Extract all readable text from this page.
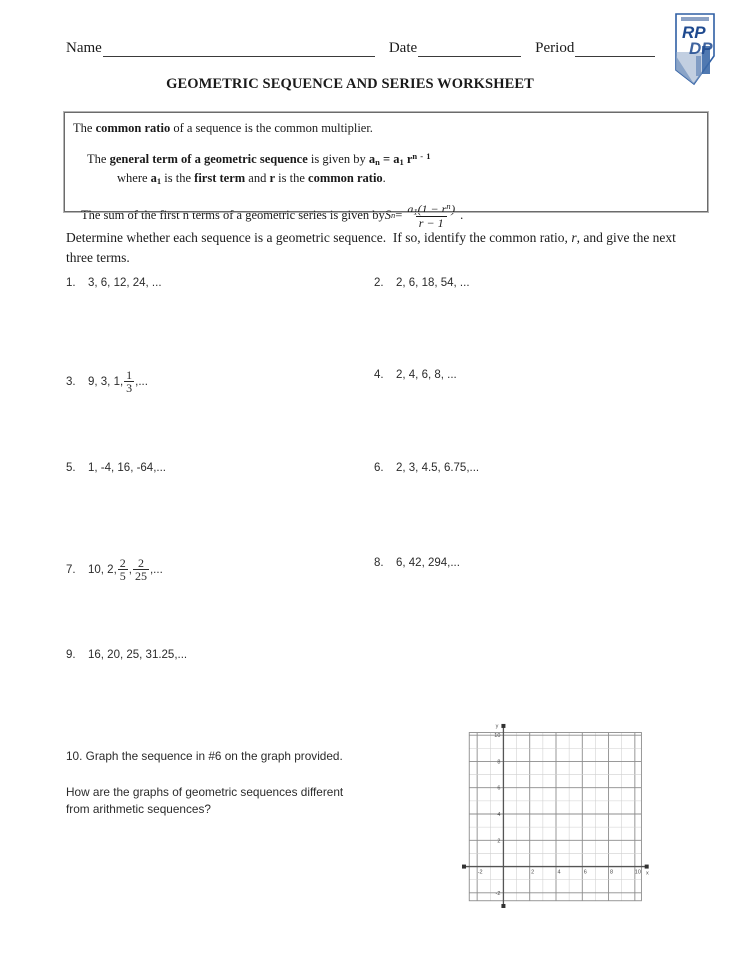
Name	Date	Period
RP
DP
GEOMETRIC SEQUENCE AND SERIES WORKSHEET

The common ratio of a sequence is the common multiplier.

The general term of a geometric sequence is given by $a_n = a_1$ $r^{n - 1}$

where $a_1$ is the first term and r is the common ratio.

The sum of the first n terms of a geometric series is given by S $n = \frac{a_1(1 - r^n)}{r - 1}$ .

Determine whether each sequence is a geometric sequence.  If so, identify the common ratio, r, and give the next three terms.
1.	3, 6, 12, 24, ...	2.	2, 6, 18, 54, ...
3.	9, 3, 1, $\frac{1}{3}$ ,...
4.	2, 4, 6, 8, ...
5.	1, -4, 16, -64,...	6.	2, 3, 4.5, 6.75,...
7.	10, 2, $\frac{2}{5}$ , $\frac{2}{25}$ ,...
8.	6, 42, 294,...
9.	16, 20, 25, 31.25,...
10. Graph the sequence in #6 on the graph provided.
How are the graphs of geometric sequences different
from arithmetic sequences?
y
x
-2	2	4	6	8	10
-2
2
4
6
8
10
